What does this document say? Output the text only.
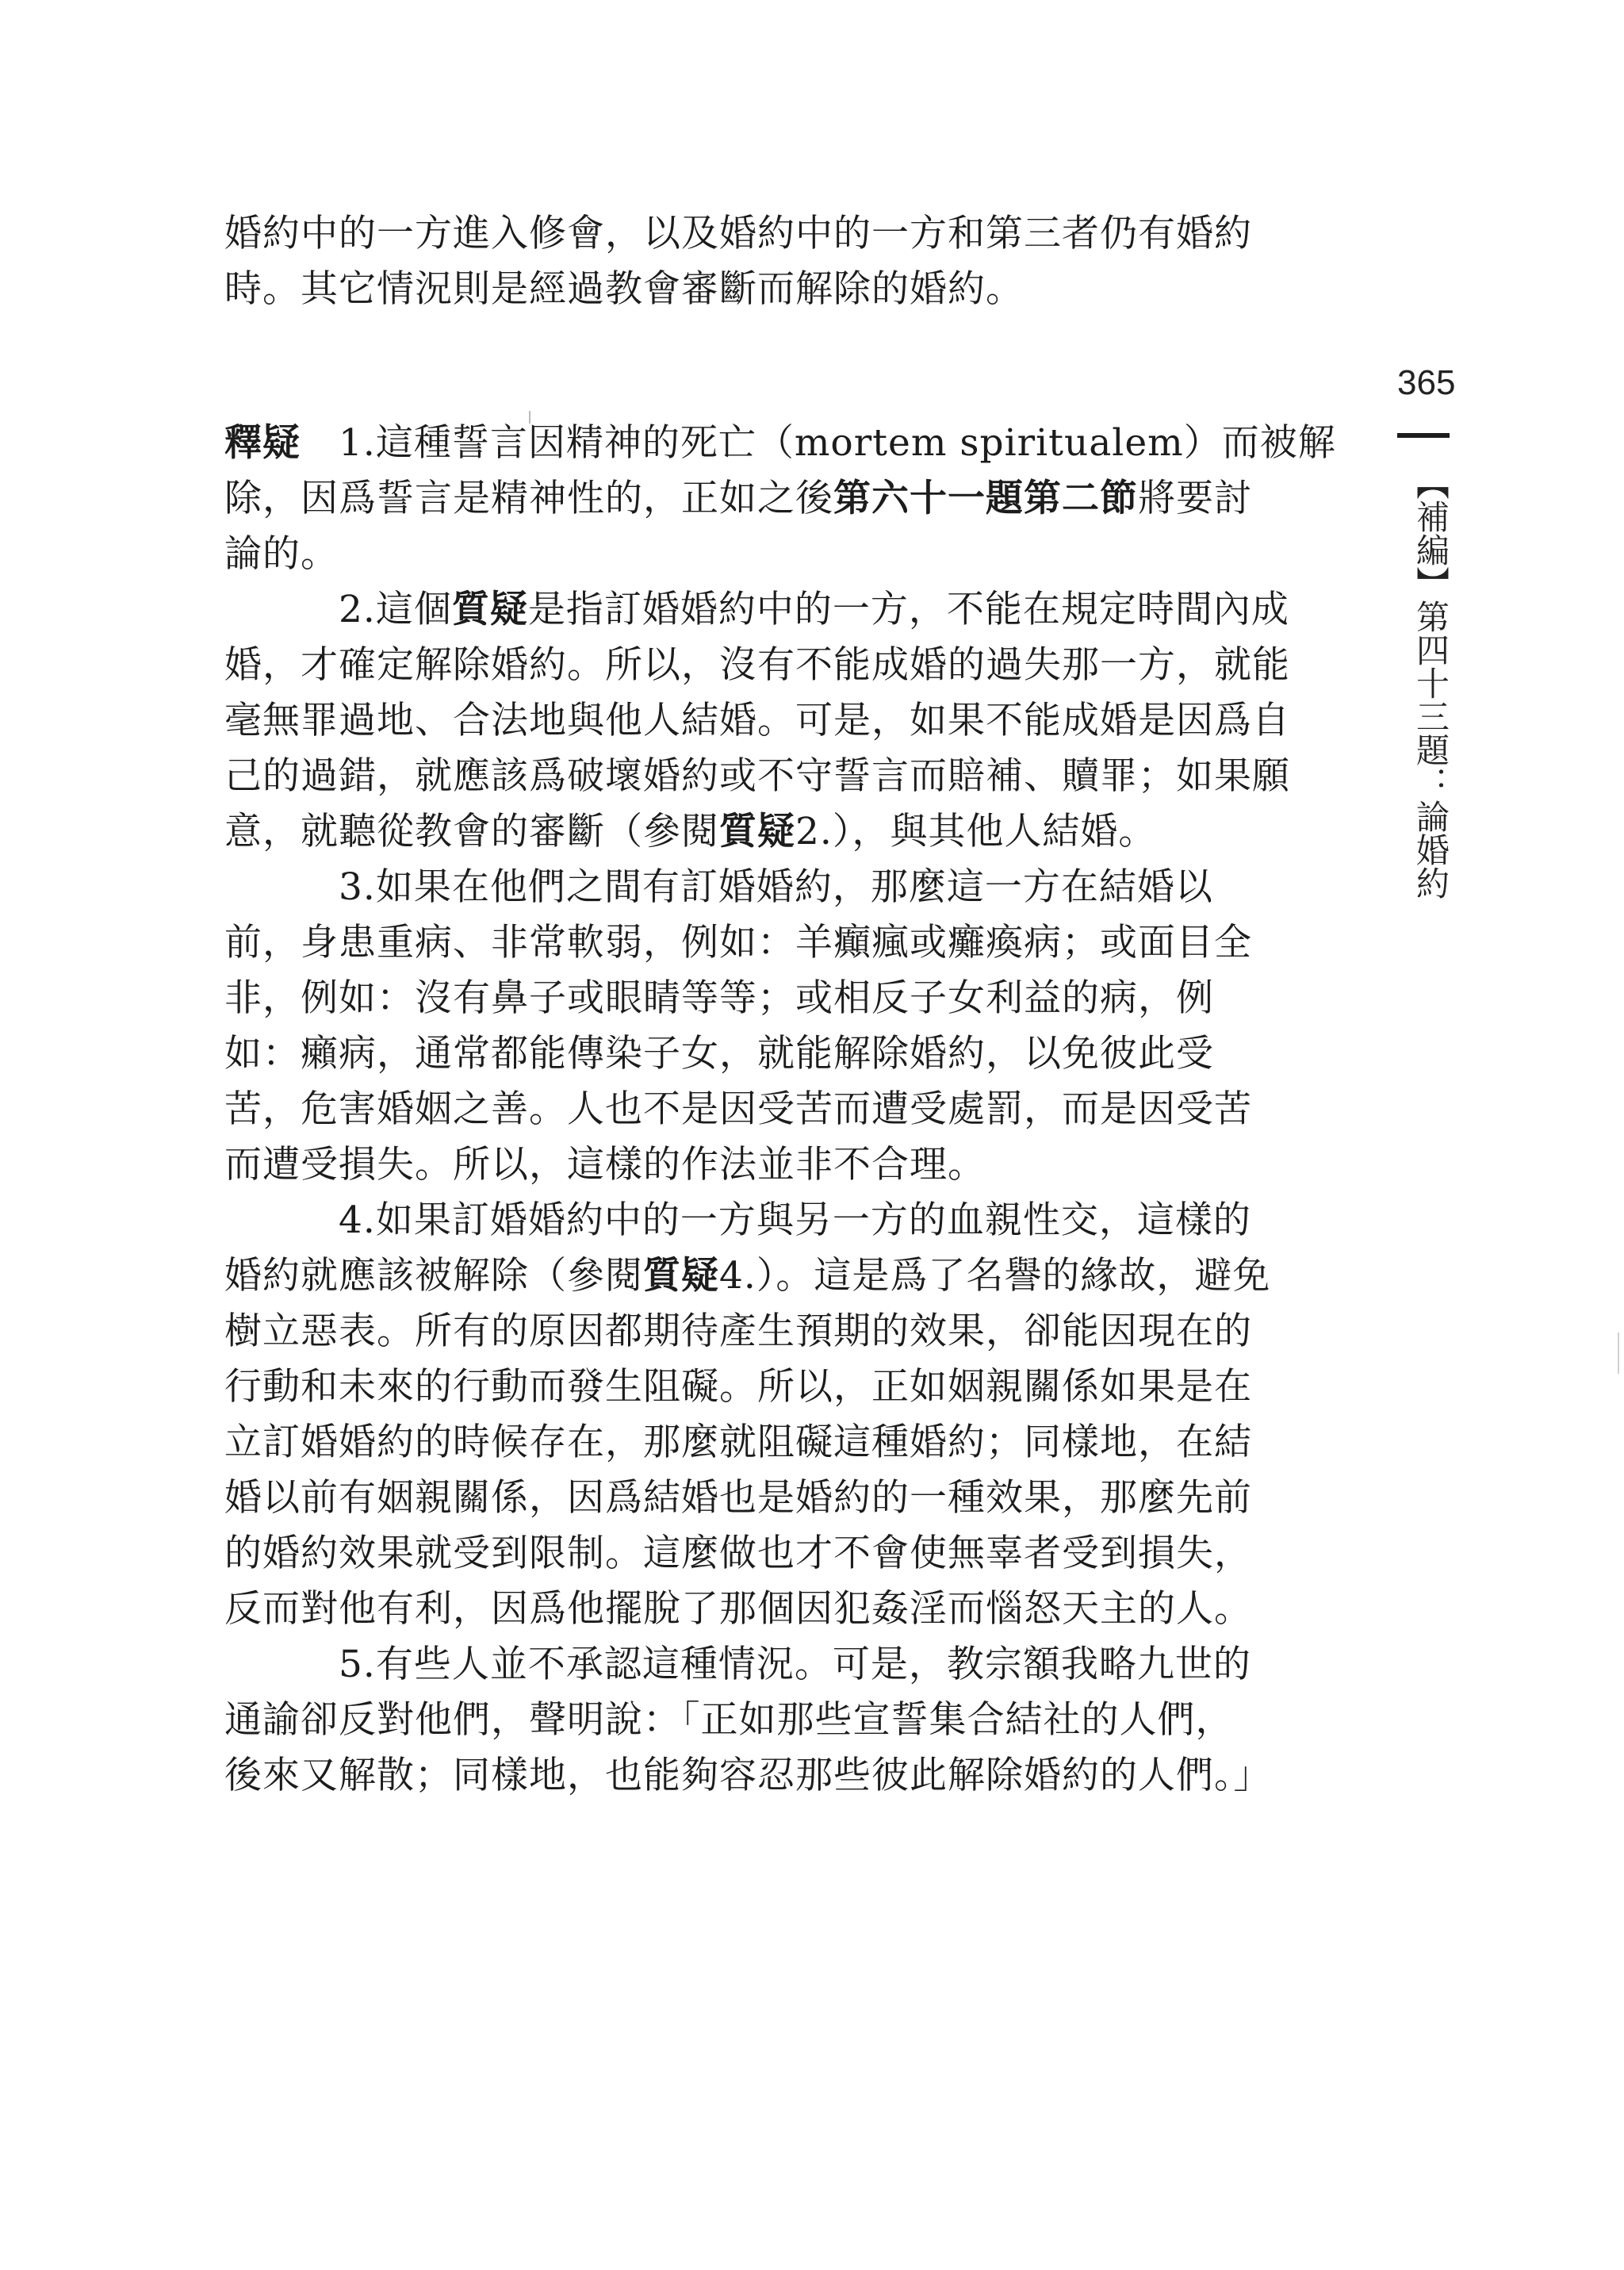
婚約中的一方進入修會，以及婚約中的一方和第三者仍有婚約
時。其它情況則是經過教會審斷而解除的婚約。
365
【補編】第四十三題：論婚約
釋疑　1.這種誓言因精神的死亡（mortem spiritualem）而被解
除，因爲誓言是精神性的，正如之後第六十一題第二節將要討
論的。
2.這個質疑是指訂婚婚約中的一方，不能在規定時間內成
婚，才確定解除婚約。所以，沒有不能成婚的過失那一方，就能
毫無罪過地、合法地與他人結婚。可是，如果不能成婚是因爲自
己的過錯，就應該爲破壞婚約或不守誓言而賠補、贖罪；如果願
意，就聽從教會的審斷（參閱質疑2.），與其他人結婚。
3.如果在他們之間有訂婚婚約，那麼這一方在結婚以
前，身患重病、非常軟弱，例如：羊癲瘋或癱瘓病；或面目全
非，例如：沒有鼻子或眼睛等等；或相反子女利益的病，例
如：癩病，通常都能傳染子女，就能解除婚約，以免彼此受
苦，危害婚姻之善。人也不是因受苦而遭受處罰，而是因受苦
而遭受損失。所以，這樣的作法並非不合理。
4.如果訂婚婚約中的一方與另一方的血親性交，這樣的
婚約就應該被解除（參閱質疑4.）。這是爲了名譽的緣故，避免
樹立惡表。所有的原因都期待產生預期的效果，卻能因現在的
行動和未來的行動而發生阻礙。所以，正如姻親關係如果是在
立訂婚婚約的時候存在，那麼就阻礙這種婚約；同樣地，在結
婚以前有姻親關係，因爲結婚也是婚約的一種效果，那麼先前
的婚約效果就受到限制。這麼做也才不會使無辜者受到損失，
反而對他有利，因爲他擺脫了那個因犯姦淫而惱怒天主的人。
5.有些人並不承認這種情況。可是，教宗額我略九世的
通諭卻反對他們，聲明說：「正如那些宣誓集合結社的人們，
後來又解散；同樣地，也能夠容忍那些彼此解除婚約的人們。」
